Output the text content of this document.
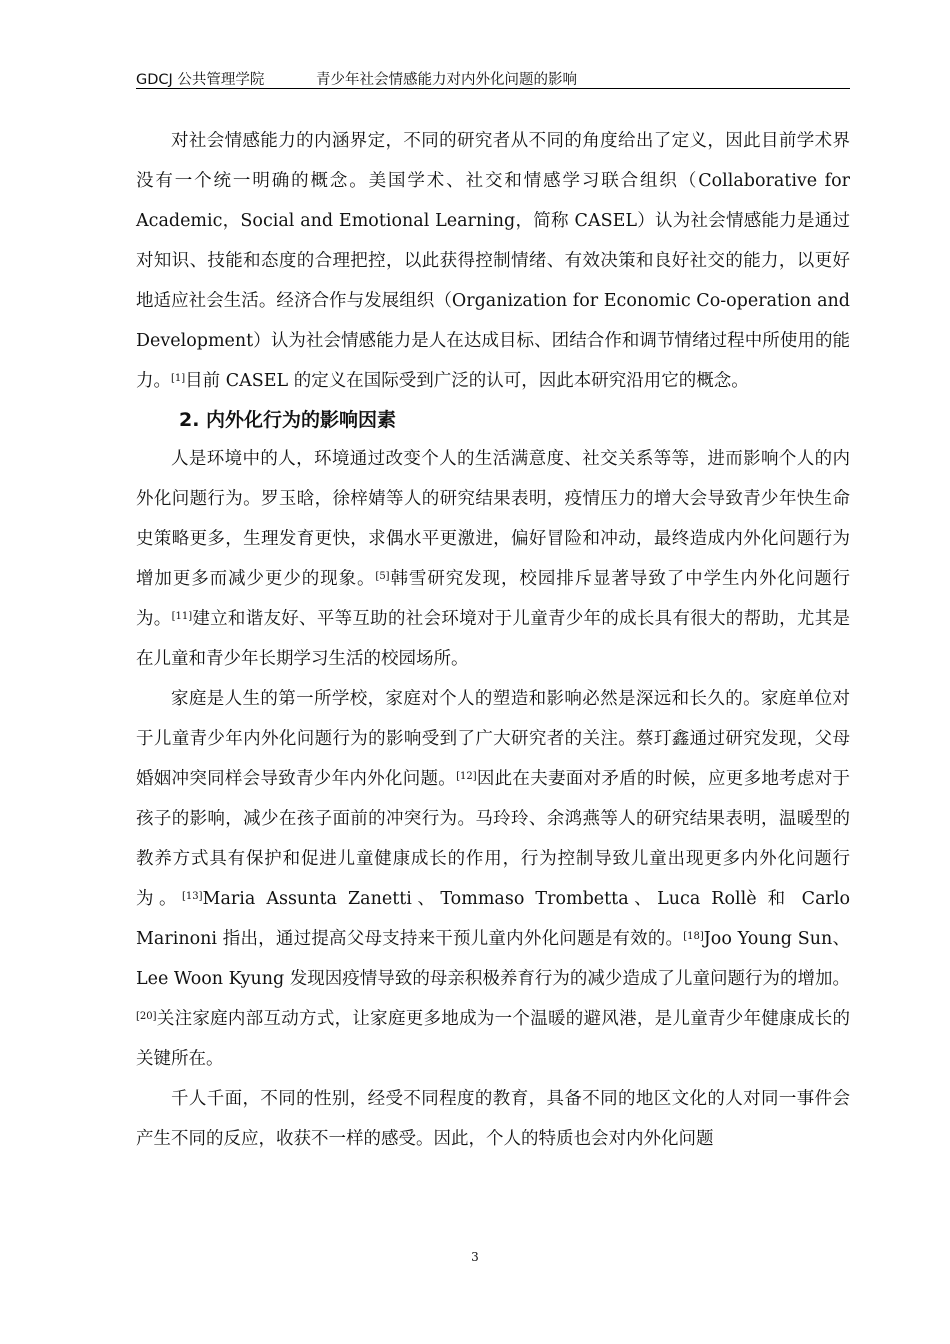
GDCJ 公共管理学院	青少年社会情感能力对内外化问题的影响

对社会情感能力的内涵界定，不同的研究者从不同的角度给出了定义，因此目前学术界没有一个统一明确的概念。美国学术、社交和情感学习联合组织（Collaborative for Academic，Social and Emotional Learning，简称 CASEL）认为社会情感能力是通过对知识、技能和态度的合理把控，以此获得控制情绪、有效决策和良好社交的能力，以更好地适应社会生活。经济合作与发展组织（Organization for Economic Co-operation and Development）认为社会情感能力是人在达成目标、团结合作和调节情绪过程中所使用的能力。[1]目前 CASEL 的定义在国际受到广泛的认可，因此本研究沿用它的概念。

2. 内外化行为的影响因素

人是环境中的人，环境通过改变个人的生活满意度、社交关系等等，进而影响个人的内外化问题行为。罗玉晗，徐梓婧等人的研究结果表明，疫情压力的增大会导致青少年快生命史策略更多，生理发育更快，求偶水平更激进，偏好冒险和冲动，最终造成内外化问题行为增加更多而减少更少的现象。[5]韩雪研究发现，校园排斥显著导致了中学生内外化问题行为。[11]建立和谐友好、平等互助的社会环境对于儿童青少年的成长具有很大的帮助，尤其是在儿童和青少年长期学习生活的校园场所。

家庭是人生的第一所学校，家庭对个人的塑造和影响必然是深远和长久的。家庭单位对于儿童青少年内外化问题行为的影响受到了广大研究者的关注。蔡玎鑫通过研究发现，父母婚姻冲突同样会导致青少年内外化问题。[12]因此在夫妻面对矛盾的时候，应更多地考虑对于孩子的影响，减少在孩子面前的冲突行为。马玲玲、余鸿燕等人的研究结果表明，温暖型的教养方式具有保护和促进儿童健康成长的作用，行为控制导致儿童出现更多内外化问题行为。[13]Maria Assunta Zanetti、Tommaso Trombetta、Luca Rollè 和 Carlo Marinoni 指出，通过提高父母支持来干预儿童内外化问题是有效的。[18]Joo Young Sun、Lee Woon Kyung 发现因疫情导致的母亲积极养育行为的减少造成了儿童问题行为的增加。[20]关注家庭内部互动方式，让家庭更多地成为一个温暖的避风港，是儿童青少年健康成长的关键所在。

千人千面，不同的性别，经受不同程度的教育，具备不同的地区文化的人对同一事件会产生不同的反应，收获不一样的感受。因此，个人的特质也会对内外化问题

3
